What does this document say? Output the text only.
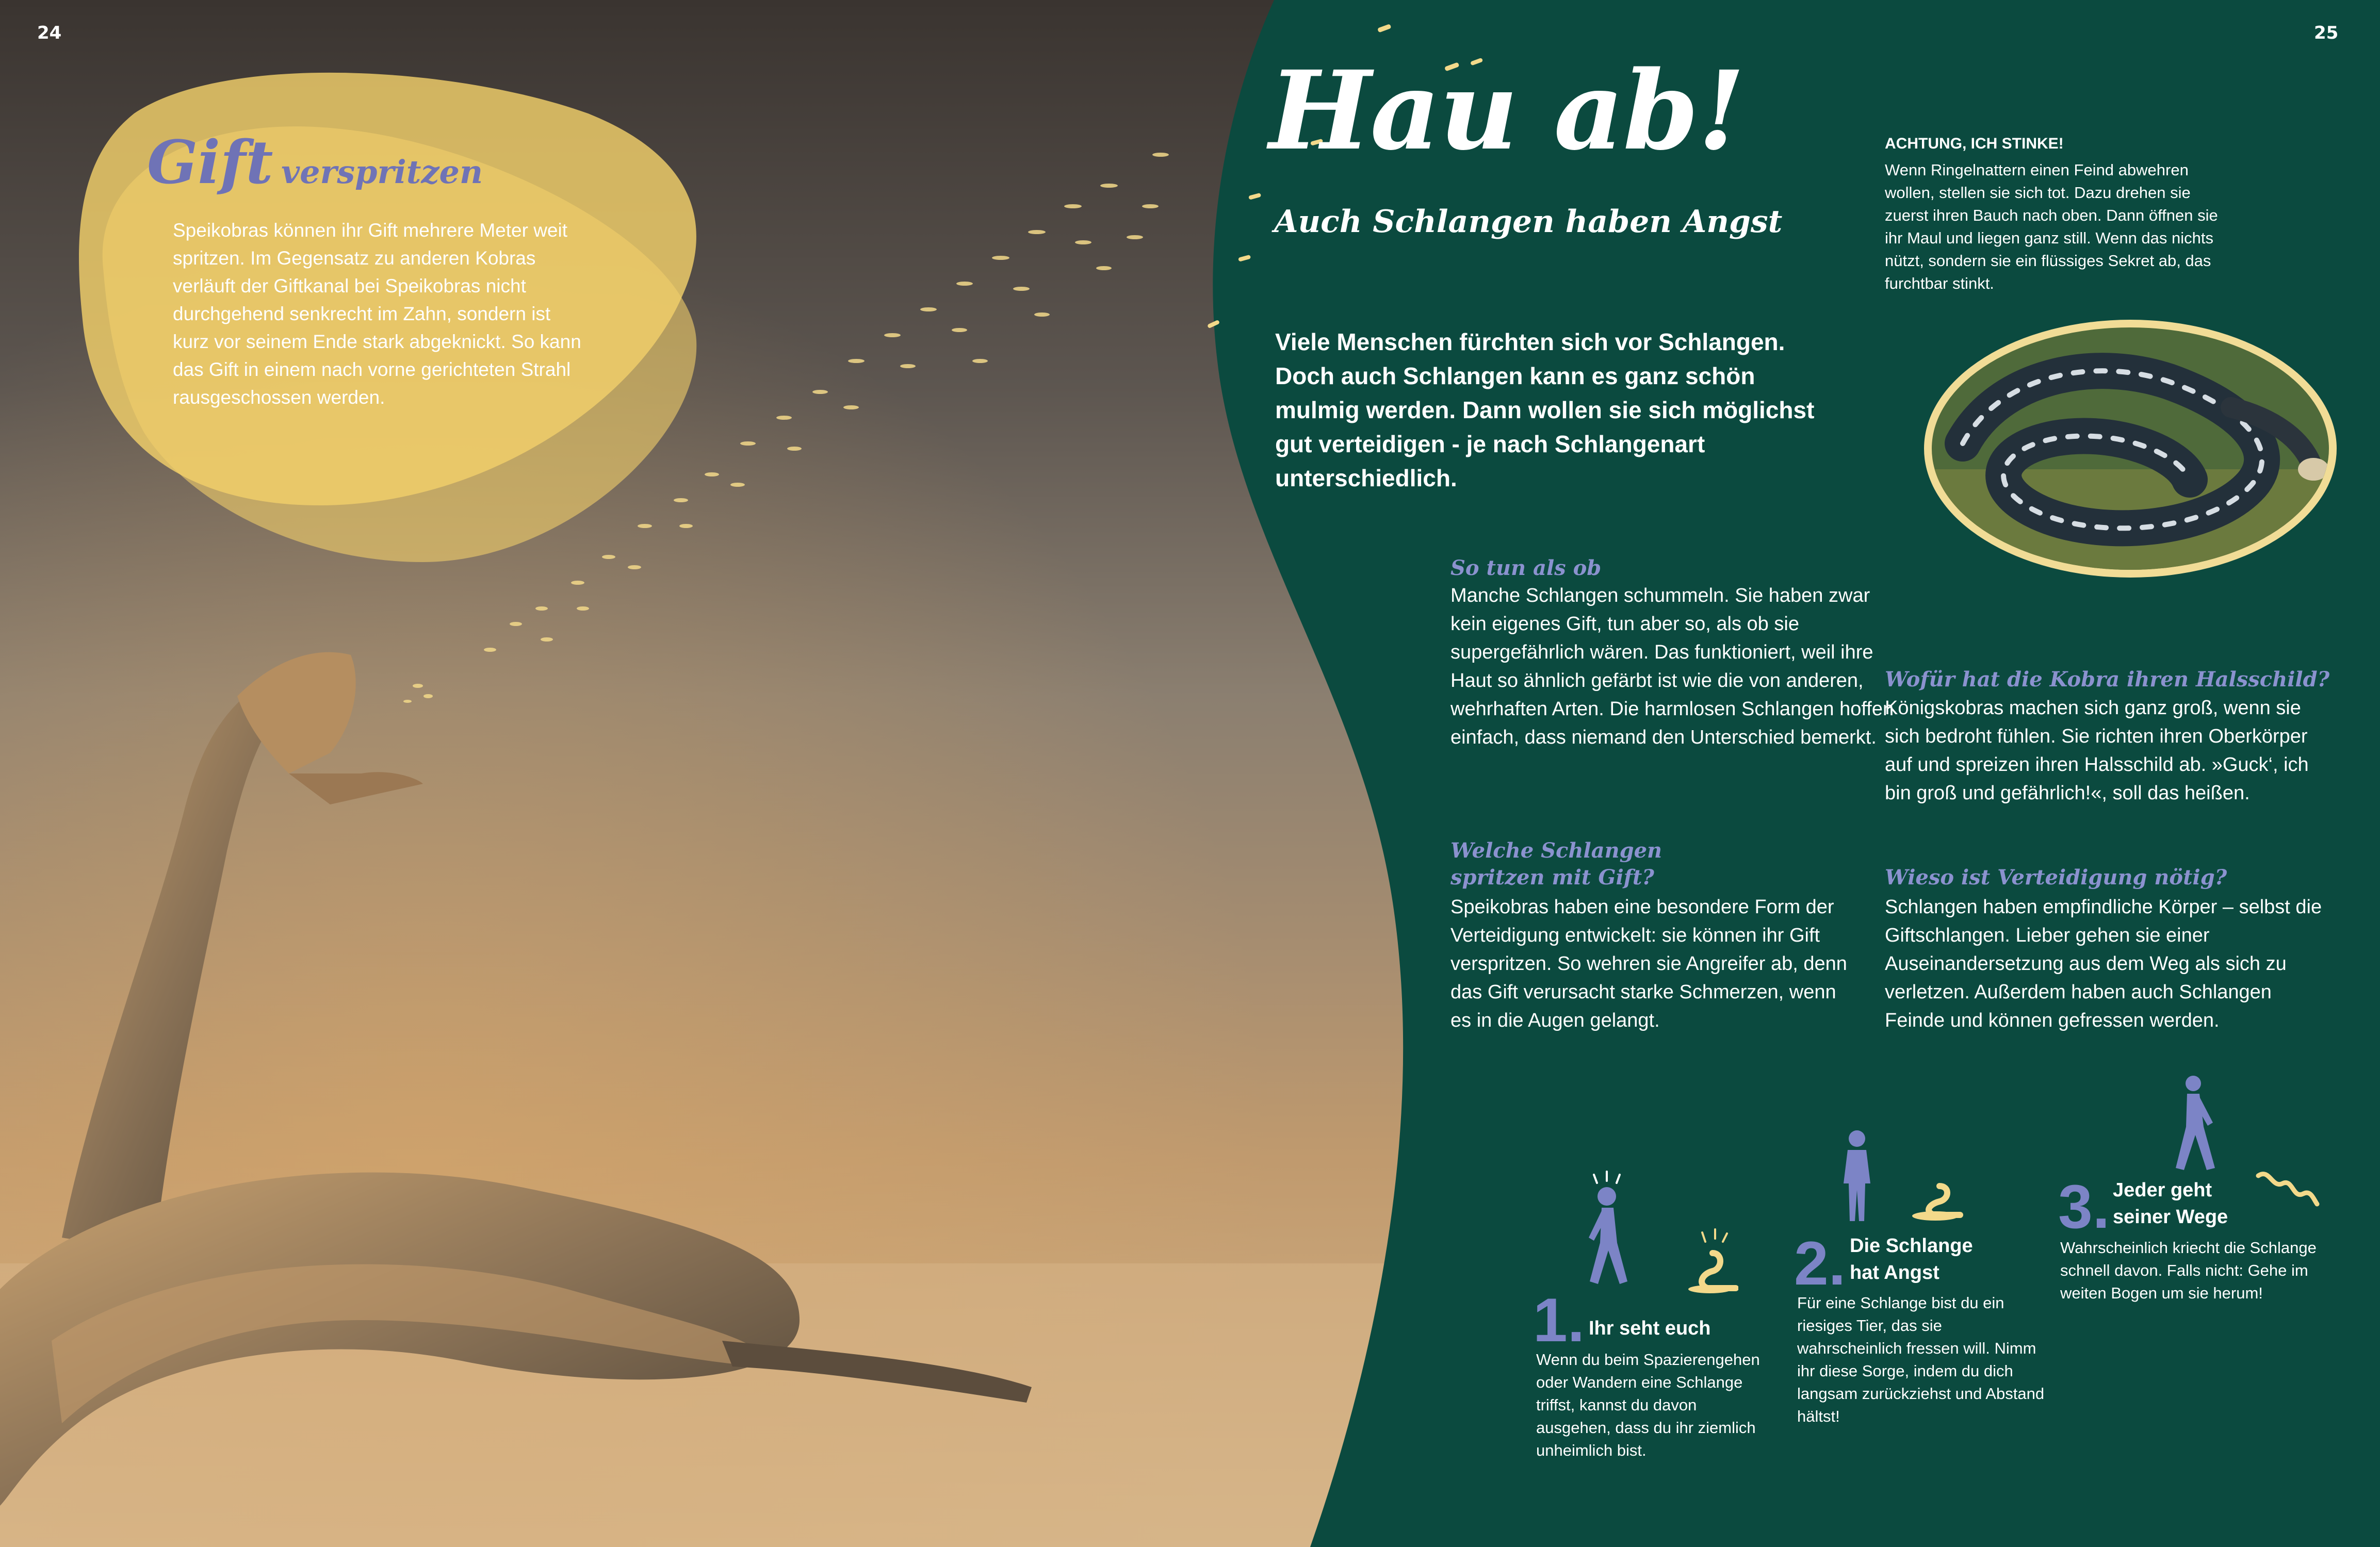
24	25
Gift verspritzen
Speikobras können ihr Gift mehrere Meter weit spritzen. Im Gegensatz zu anderen Kobras verläuft der Giftkanal bei Speikobras nicht durchgehend senkrecht im Zahn, sondern ist kurz vor seinem Ende stark abgeknickt. So kann das Gift in einem nach vorne gerichteten Strahl rausgeschossen werden.
Hau ab!
Auch Schlangen haben Angst
Viele Menschen fürchten sich vor Schlangen. Doch auch Schlangen kann es ganz schön mulmig werden. Dann wollen sie sich möglichst gut verteidigen - je nach Schlangenart unterschiedlich.
ACHTUNG, ICH STINKE!
Wenn Ringelnattern einen Feind abwehren wollen, stellen sie sich tot. Dazu drehen sie zuerst ihren Bauch nach oben. Dann öffnen sie ihr Maul und liegen ganz still. Wenn das nichts nützt, sondern sie ein flüssiges Sekret ab, das furchtbar stinkt.
So tun als ob
Manche Schlangen schummeln. Sie haben zwar kein eigenes Gift, tun aber so, als ob sie supergefährlich wären. Das funktioniert, weil ihre Haut so ähnlich gefärbt ist wie die von anderen, wehrhaften Arten. Die harmlosen Schlangen hoffen einfach, dass niemand den Unterschied bemerkt.
Welche Schlangen spritzen mit Gift?
Speikobras haben eine besondere Form der Verteidigung entwickelt: sie können ihr Gift verspritzen. So wehren sie Angreifer ab, denn das Gift verursacht starke Schmerzen, wenn es in die Augen gelangt.
Wofür hat die Kobra ihren Halsschild?
Königskobras machen sich ganz groß, wenn sie sich bedroht fühlen. Sie richten ihren Oberkörper auf und spreizen ihren Halsschild ab. »Guck‘, ich bin groß und gefährlich!«, soll das heißen.
Wieso ist Verteidigung nötig?
Schlangen haben empfindliche Körper – selbst die Giftschlangen. Lieber gehen sie einer Auseinandersetzung aus dem Weg als sich zu verletzen. Außerdem haben auch Schlangen Feinde und können gefressen werden.
1. Ihr seht euch
Wenn du beim Spazierengehen oder Wandern eine Schlange triffst, kannst du davon ausgehen, dass du ihr ziemlich unheimlich bist.
2. Die Schlange hat Angst
Für eine Schlange bist du ein riesiges Tier, das sie wahrscheinlich fressen will. Nimm ihr diese Sorge, indem du dich langsam zurückziehst und Abstand hältst!
3. Jeder geht seiner Wege
Wahrscheinlich kriecht die Schlange schnell davon. Falls nicht: Gehe im weiten Bogen um sie herum!
